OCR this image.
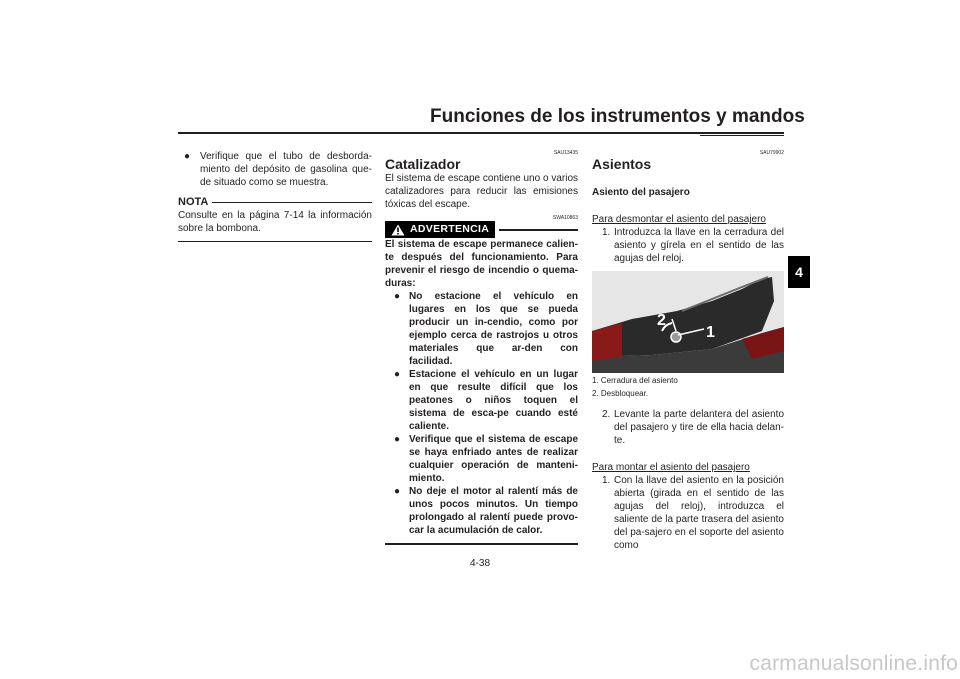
Funciones de los instrumentos y mandos
4
● Verifique que el tubo de desborda-miento del depósito de gasolina que-de situado como se muestra.
NOTA

Consulte en la página 7-14 la información sobre la bombona.

SAU13435
Catalizador

El sistema de escape contiene uno o varios catalizadores para reducir las emisiones tóxicas del escape.

SWA10863
ADVERTENCIA

El sistema de escape permanece calien-te después del funcionamiento. Para prevenir el riesgo de incendio o quema-duras:

● No estacione el vehículo en lugares en los que se pueda producir un in-cendio, como por ejemplo cerca de rastrojos u otros materiales que ar-den con facilidad.
● Estacione el vehículo en un lugar en que resulte difícil que los peatones o niños toquen el sistema de esca-pe cuando esté caliente.
● Verifique que el sistema de escape se haya enfriado antes de realizar cualquier operación de manteni-miento.
● No deje el motor al ralentí más de unos pocos minutos. Un tiempo prolongado al ralentí puede provo-car la acumulación de calor.
SAU79902
Asientos
Asiento del pasajero
Para desmontar el asiento del pasajero
1. Introduzca la llave en la cerradura del asiento y gírela en el sentido de las agujas del reloj.
2
1
1. Cerradura del asiento
2. Desbloquear.
2. Levante la parte delantera del asiento del pasajero y tire de ella hacia delan-te.
Para montar el asiento del pasajero
1. Con la llave del asiento en la posición abierta (girada en el sentido de las agujas del reloj), introduzca el saliente de la parte trasera del asiento del pa-sajero en el soporte del asiento como
4-38
carmanualsonline.info
